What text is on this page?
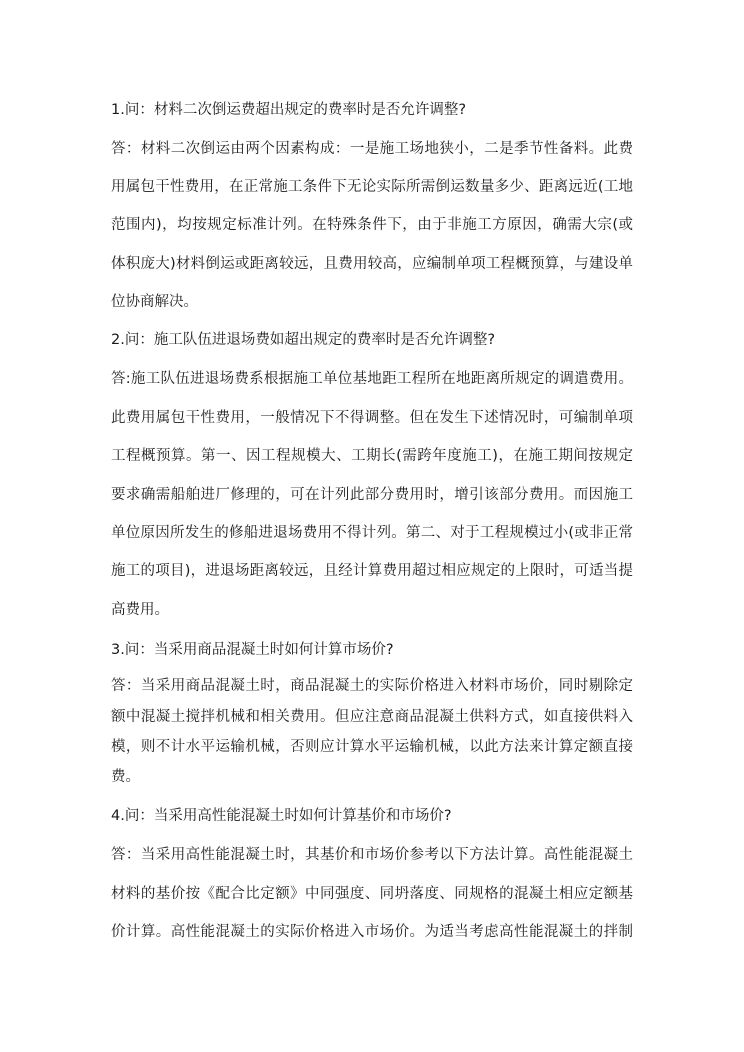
1.问：材料二次倒运费超出规定的费率时是否允许调整?

答：材料二次倒运由两个因素构成：一是施工场地狭小，二是季节性备料。此费

用属包干性费用，在正常施工条件下无论实际所需倒运数量多少、距离远近(工地

范围内)，均按规定标准计列。在特殊条件下，由于非施工方原因，确需大宗(或

体积庞大)材料倒运或距离较远，且费用较高，应编制单项工程概预算，与建设单

位协商解决。

2.问：施工队伍进退场费如超出规定的费率时是否允许调整?

答:施工队伍进退场费系根据施工单位基地距工程所在地距离所规定的调遣费用。

此费用属包干性费用，一般情况下不得调整。但在发生下述情况时，可编制单项

工程概预算。第一、因工程规模大、工期长(需跨年度施工)，在施工期间按规定

要求确需船舶进厂修理的，可在计列此部分费用时，增引该部分费用。而因施工

单位原因所发生的修船进退场费用不得计列。第二、对于工程规模过小(或非正常

施工的项目)，进退场距离较远，且经计算费用超过相应规定的上限时，可适当提

高费用。

3.问：当采用商品混凝土时如何计算市场价?

答：当采用商品混凝土时，商品混凝土的实际价格进入材料市场价，同时剔除定

额中混凝土搅拌机械和相关费用。但应注意商品混凝土供料方式，如直接供料入

模，则不计水平运输机械，否则应计算水平运输机械，以此方法来计算定额直接

费。

4.问：当采用高性能混凝土时如何计算基价和市场价?

答：当采用高性能混凝土时，其基价和市场价参考以下方法计算。高性能混凝土

材料的基价按《配合比定额》中同强度、同坍落度、同规格的混凝土相应定额基

价计算。高性能混凝土的实际价格进入市场价。为适当考虑高性能混凝土的拌制
